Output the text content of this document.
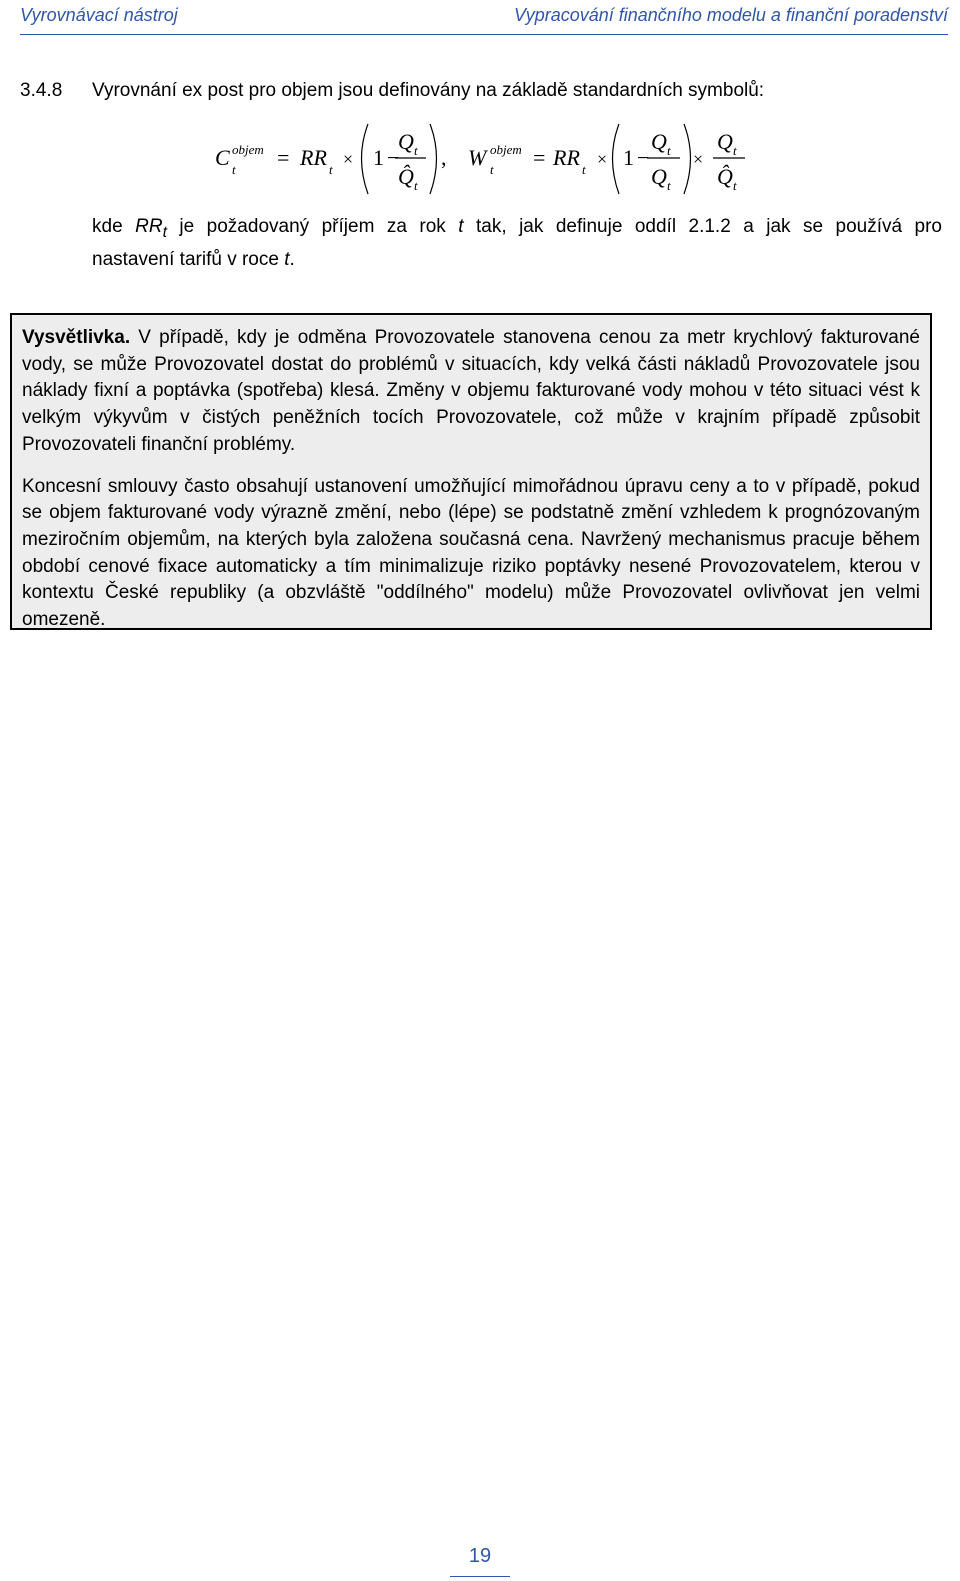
Vyrovnávací nástroj	Vypracování finančního modelu a finanční poradenství
3.4.8 Vyrovnání ex post pro objem jsou definovány na základě standardních symbolů:
C objem
t = RR t
× 1 −
Q t
Q̂ t
, W objem
t = RR t
× 1 −
Q t
Q t
×
Q t
Q̂ t
kde $RR_t$ je požadovaný příjem za rok t tak, jak definuje oddíl 2.1.2 a jak se používá pro
nastavení tarifů v roce t.

Vysvětlivka. V případě, kdy je odměna Provozovatele stanovena cenou za metr krychlový fakturované vody, se může Provozovatel dostat do problémů v situacích, kdy velká části nákladů Provozovatele jsou náklady fixní a poptávka (spotřeba) klesá. Změny v objemu fakturované vody mohou v této situaci vést k velkým výkyvům v čistých peněžních tocích Provozovatele, což může v krajním případě způsobit Provozovateli finanční problémy.

Koncesní smlouvy často obsahují ustanovení umožňující mimořádnou úpravu ceny a to v případě, pokud se objem fakturované vody výrazně změní, nebo (lépe) se podstatně změní vzhledem k prognózovaným meziročním objemům, na kterých byla založena současná cena. Navržený mechanismus pracuje během období cenové fixace automaticky a tím minimalizuje riziko poptávky nesené Provozovatelem, kterou v kontextu České republiky (a obzvláště "oddílného" modelu) může Provozovatel ovlivňovat jen velmi omezeně.

19
